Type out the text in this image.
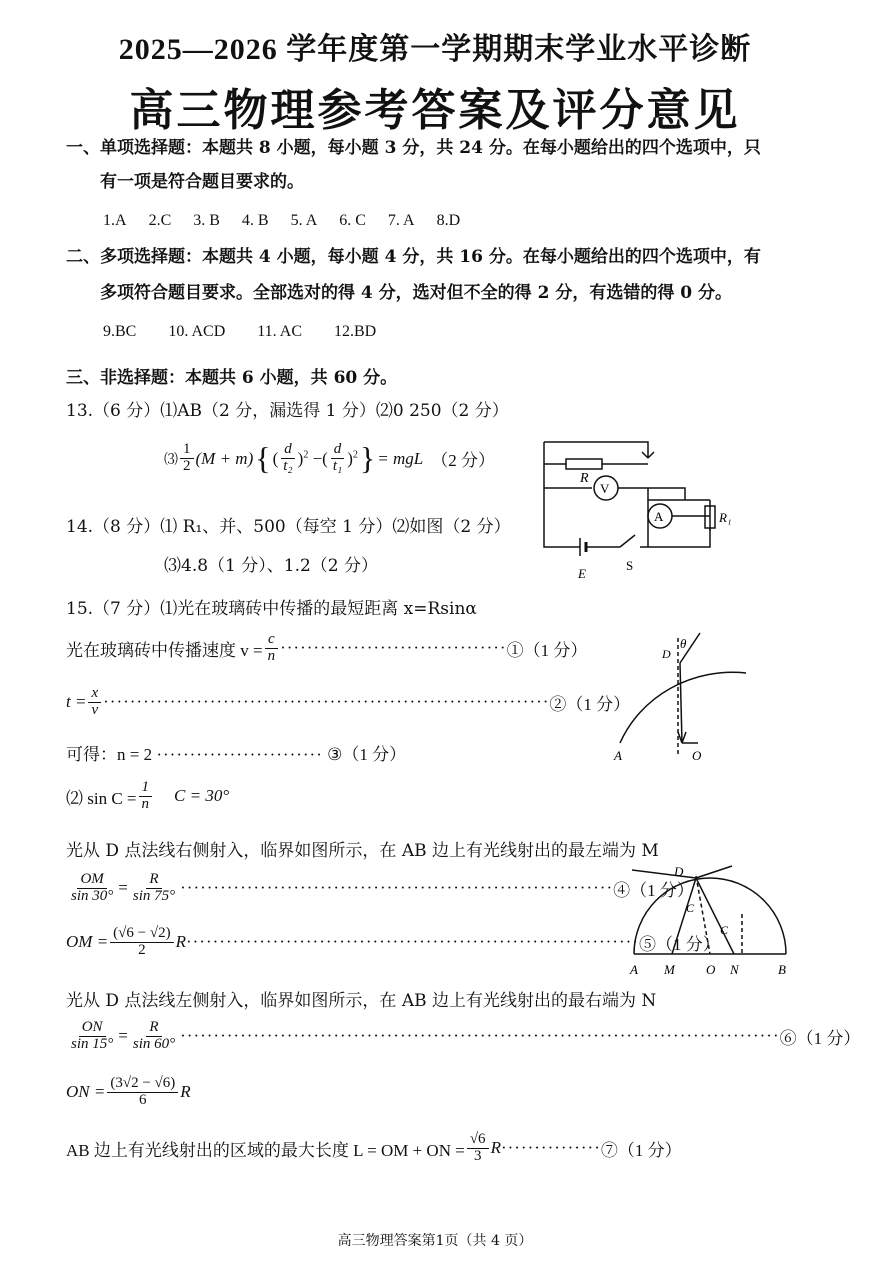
2025—2026 学年度第一学期期末学业水平诊断
高三物理参考答案及评分意见
一、单项选择题：本题共 8 小题，每小题 3 分，共 24 分。在每小题给出的四个选项中，只
有一项是符合题目要求的。
1.A 2.C 3. B 4. B 5. A 6. C 7. A 8.D
二、多项选择题：本题共 4 小题，每小题 4 分，共 16 分。在每小题给出的四个选项中，有
多项符合题目要求。全部选对的得 4 分，选对但不全的得 2 分，有选错的得 0 分。
9.BC 10. ACD 11. AC 12.BD
三、非选择题：本题共 6 小题，共 60 分。
13.（6 分）⑴AB（2 分，漏选得 1 分）⑵0 250（2 分）
⑶ $\frac{1}{2} (M + m)$ { ( $\frac{d}{\text{t₂}} )^2$ −( $\frac{d}{\text{t₁}} )^2$ } = mgL （2 分）
R
V
A	R₁
E
S
14.（8 分）⑴ R₁、并、500（每空 1 分）⑵如图（2 分）
⑶4.8（1 分）、1.2（2 分）
15.（7 分）⑴光在玻璃砖中传播的最短距离 x=Rsinα
光在玻璃砖中传播速度 $v = \frac{c}{n}$ ·································· ①（1 分）
$t = \frac{x}{v}$ ··································································· ②（1 分）
可得：n = 2 ························· ③（1 分）
⑵ $\sin C = \frac{1}{n}$ C = 30°
光从 D 点法线右侧射入，临界如图所示，在 AB 边上有光线射出的最左端为 M
$\frac{OM}{\sin 30^\circ} = \frac{R}{\sin 75^\circ}$ ································································· ④（1 分）
OM = $\frac{(√6 - √2)}{2}$ R ···································································· ⑤（1 分）
光从 D 点法线左侧射入，临界如图所示，在 AB 边上有光线射出的最右端为 N
$\frac{ON}{\sin 15^\circ} = \frac{R}{\sin 60^\circ}$ ·························································································· ⑥（1 分）
ON = $\frac{(3√2 - √6)}{6}$ R
AB 边上有光线射出的区域的最大长度 L = OM + ON = $\frac{√6}{3}$ R ··············· ⑦（1 分）
θ
D
A	O
D
C
C
A M O N	B
高三物理答案第1页（共 4 页）
